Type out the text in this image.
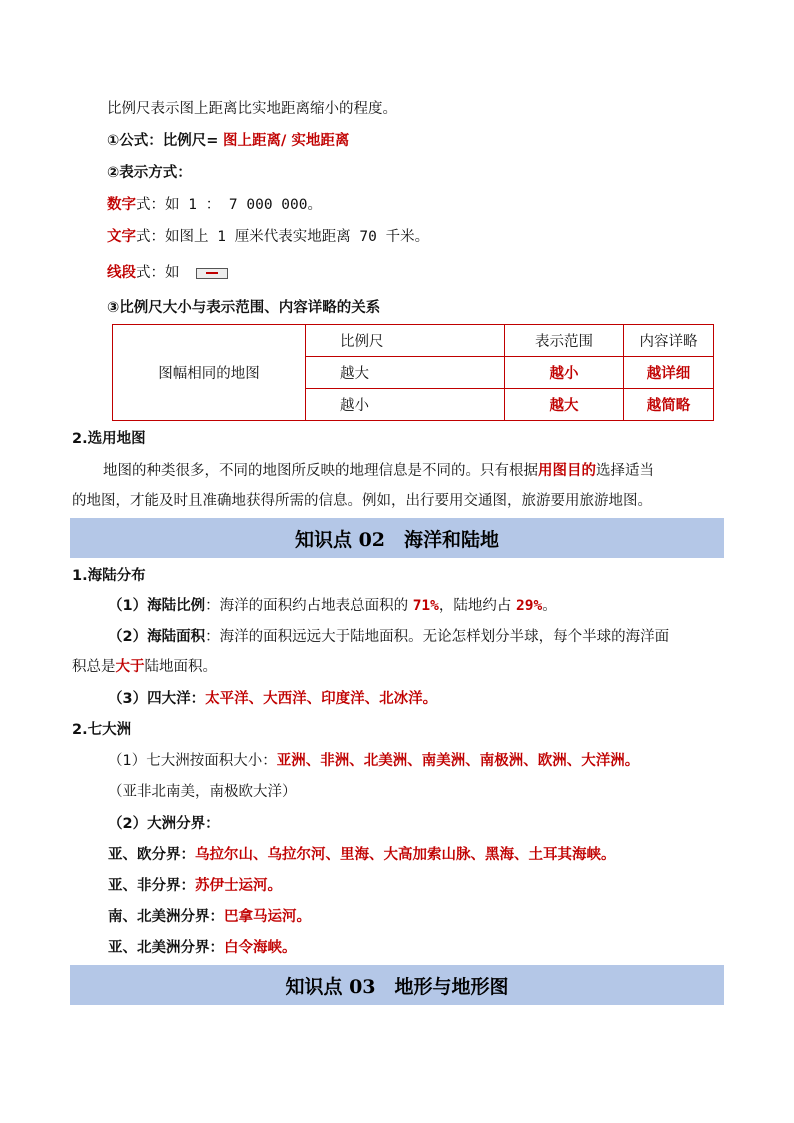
比例尺表示图上距离比实地距离缩小的程度。
①公式：比例尺= 图上距离/ 实地距离
②表示方式：
数字式：如 1 ： 7 000 000。
文字式：如图上 1 厘米代表实地距离 70 千米。
线段式：如
③比例尺大小与表示范围、内容详略的关系
图幅相同的地图	比例尺	表示范围	内容详略
	越大	越小	越详细
	越小	越大	越简略
2.选用地图
地图的种类很多，不同的地图所反映的地理信息是不同的。只有根据用图目的选择适当
的地图，才能及时且准确地获得所需的信息。例如，出行要用交通图，旅游要用旅游地图。
知识点 02　海洋和陆地
1.海陆分布
（1）海陆比例：海洋的面积约占地表总面积的 71%，陆地约占 29%。
（2）海陆面积：海洋的面积远远大于陆地面积。无论怎样划分半球，每个半球的海洋面
积总是大于陆地面积。
（3）四大洋：太平洋、大西洋、印度洋、北冰洋。
2.七大洲
（1）七大洲按面积大小：亚洲、非洲、北美洲、南美洲、南极洲、欧洲、大洋洲。
（亚非北南美，南极欧大洋）
（2）大洲分界：
亚、欧分界：乌拉尔山、乌拉尔河、里海、大高加索山脉、黑海、土耳其海峡。
亚、非分界：苏伊士运河。
南、北美洲分界：巴拿马运河。
亚、北美洲分界：白令海峡。
知识点 03　地形与地形图
